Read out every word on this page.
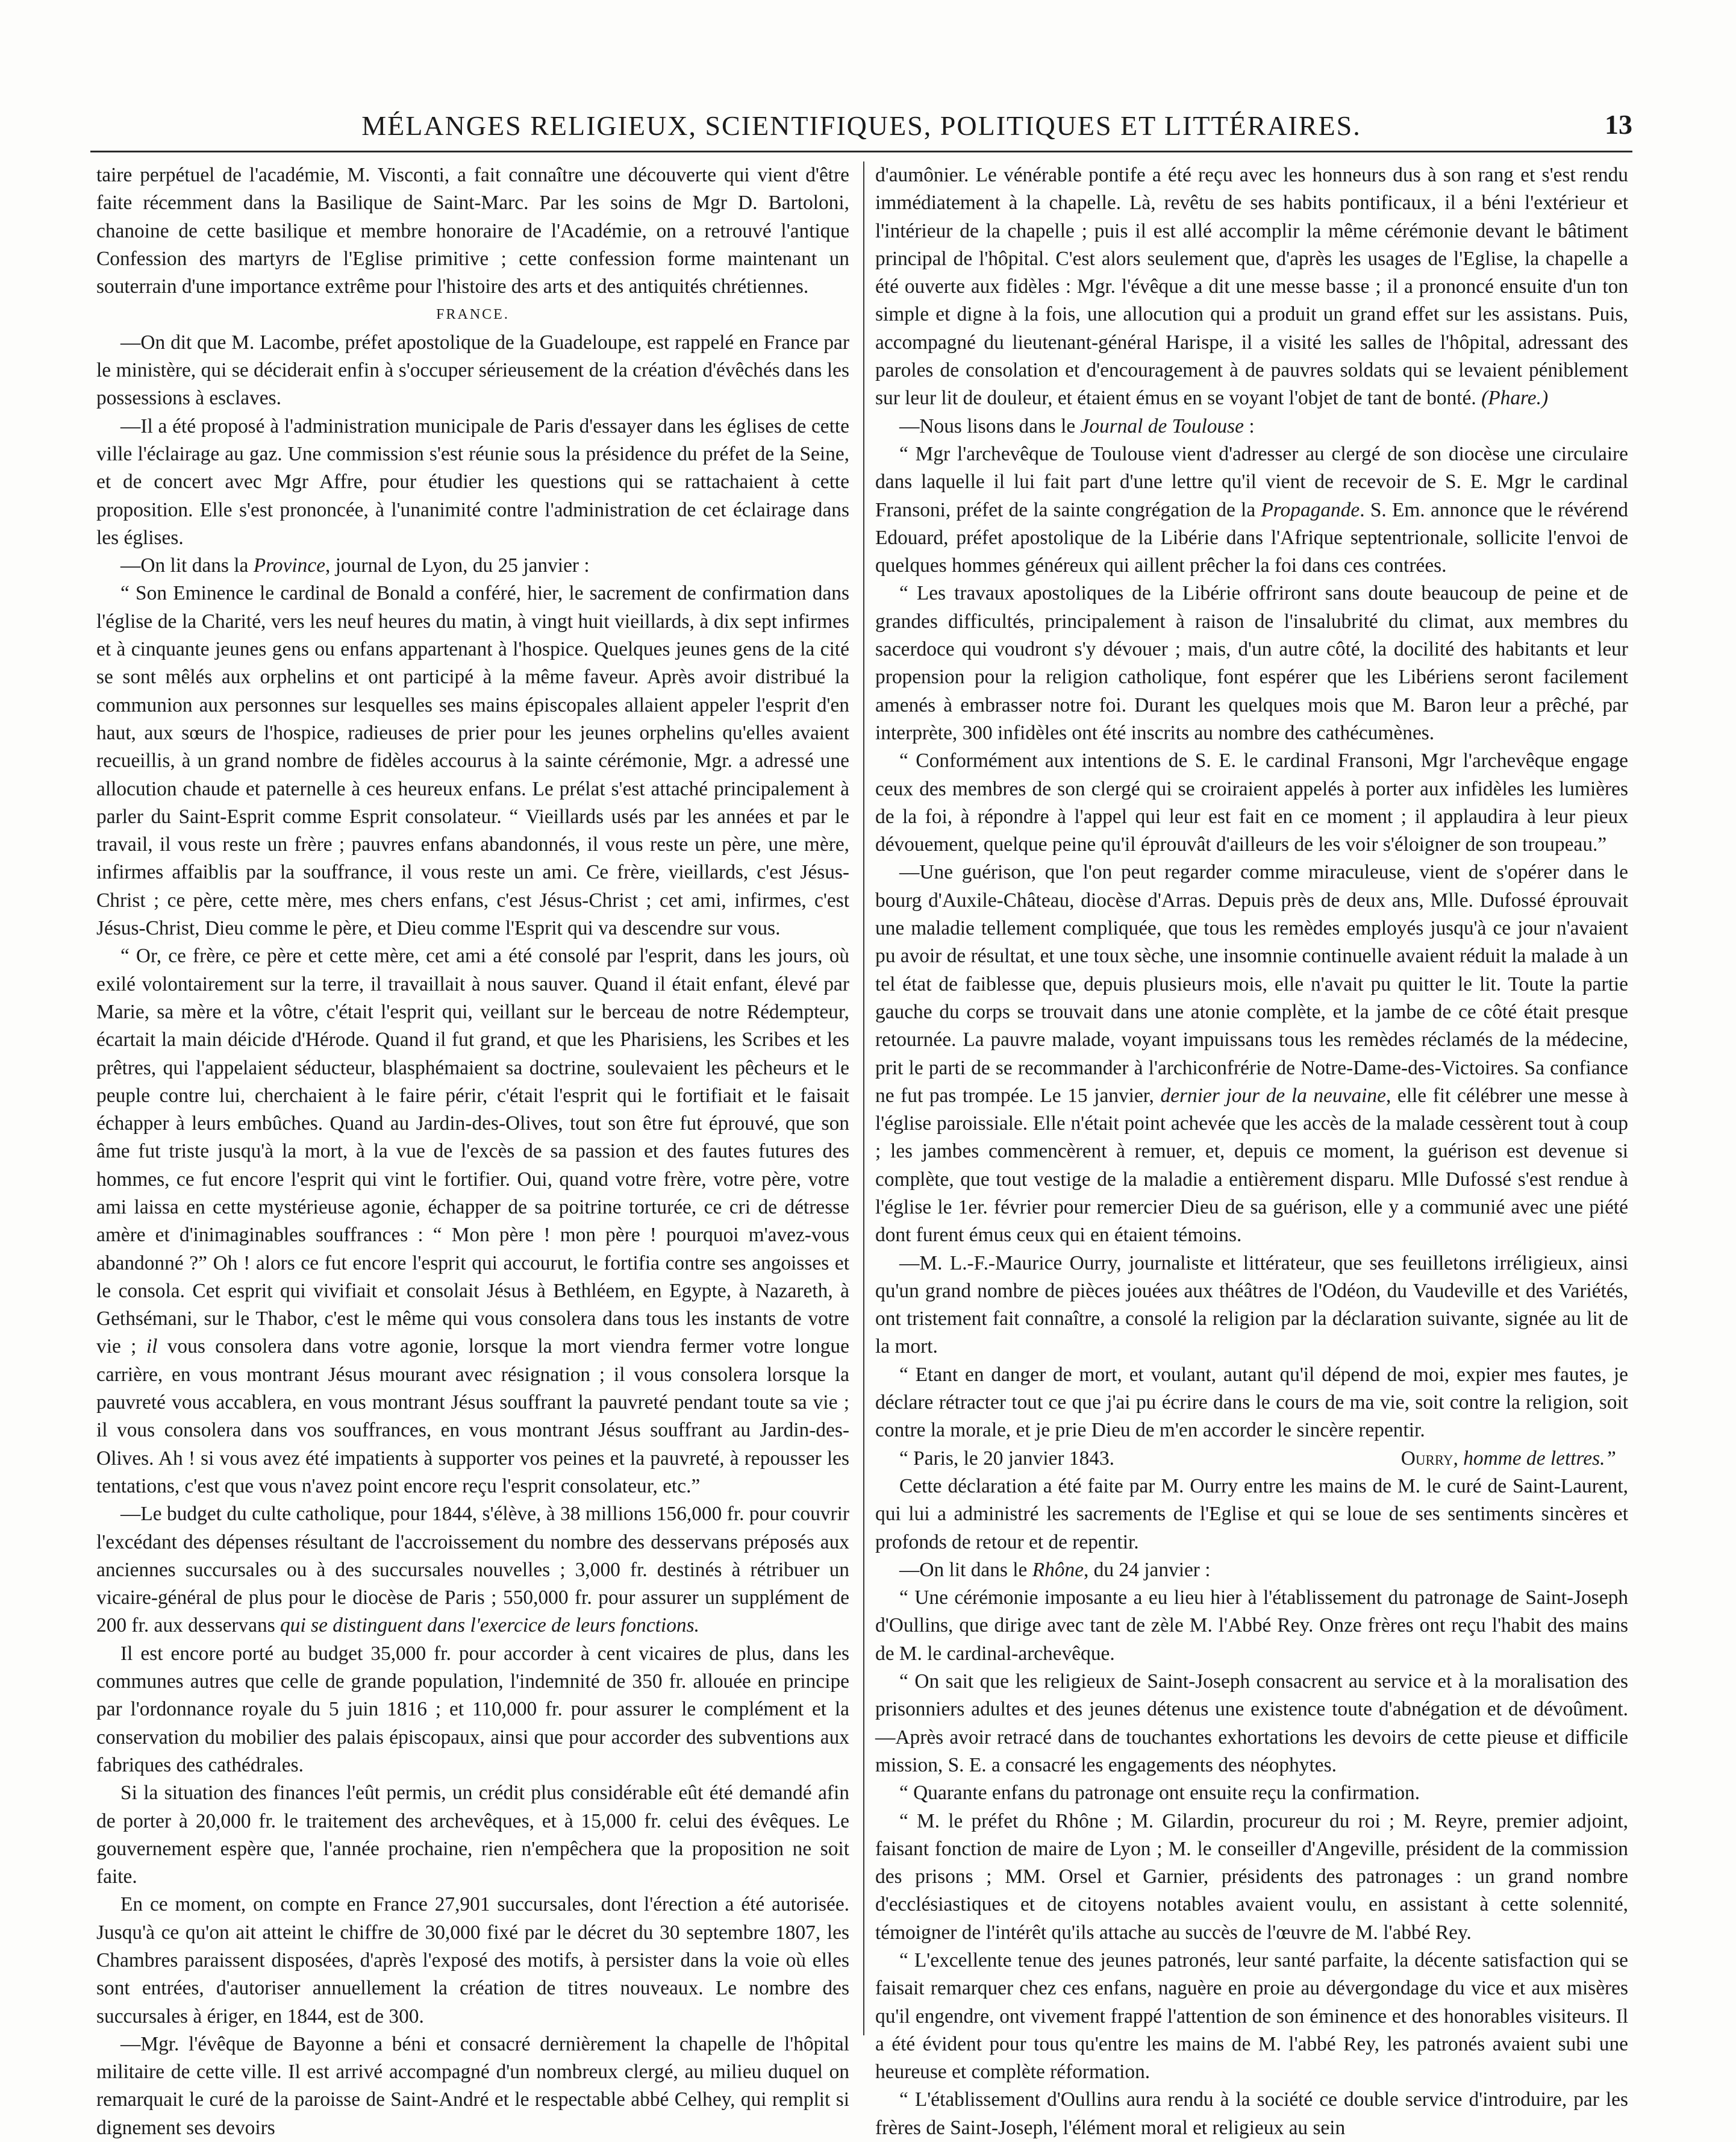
MÉLANGES RELIGIEUX, SCIENTIFIQUES, POLITIQUES ET LITTÉRAIRES.	13

taire perpétuel de l'académie, M. Visconti, a fait connaître une découverte qui vient d'être faite récemment dans la Basilique de Saint-Marc. Par les soins de Mgr D. Bartoloni, chanoine de cette basilique et membre honoraire de l'Académie, on a retrouvé l'antique Confession des martyrs de l'Eglise primitive ; cette confession forme maintenant un souterrain d'une importance extrême pour l'histoire des arts et des antiquités chrétiennes.

FRANCE.

—On dit que M. Lacombe, préfet apostolique de la Guadeloupe, est rappelé en France par le ministère, qui se déciderait enfin à s'occuper sérieusement de la création d'évêchés dans les possessions à esclaves.

—Il a été proposé à l'administration municipale de Paris d'essayer dans les églises de cette ville l'éclairage au gaz. Une commission s'est réunie sous la présidence du préfet de la Seine, et de concert avec Mgr Affre, pour étudier les questions qui se rattachaient à cette proposition. Elle s'est prononcée, à l'unanimité contre l'administration de cet éclairage dans les églises.

—On lit dans la Province, journal de Lyon, du 25 janvier :

“ Son Eminence le cardinal de Bonald a conféré, hier, le sacrement de confirmation dans l'église de la Charité, vers les neuf heures du matin, à vingt huit vieillards, à dix sept infirmes et à cinquante jeunes gens ou enfans appartenant à l'hospice. Quelques jeunes gens de la cité se sont mêlés aux orphelins et ont participé à la même faveur. Après avoir distribué la communion aux personnes sur lesquelles ses mains épiscopales allaient appeler l'esprit d'en haut, aux sœurs de l'hospice, radieuses de prier pour les jeunes orphelins qu'elles avaient recueillis, à un grand nombre de fidèles accourus à la sainte cérémonie, Mgr. a adressé une allocution chaude et paternelle à ces heureux enfans. Le prélat s'est attaché principalement à parler du Saint-Esprit comme Esprit consolateur. “ Vieillards usés par les années et par le travail, il vous reste un frère ; pauvres enfans abandonnés, il vous reste un père, une mère, infirmes affaiblis par la souffrance, il vous reste un ami. Ce frère, vieillards, c'est Jésus-Christ ; ce père, cette mère, mes chers enfans, c'est Jésus-Christ ; cet ami, infirmes, c'est Jésus-Christ, Dieu comme le père, et Dieu comme l'Esprit qui va descendre sur vous.

“ Or, ce frère, ce père et cette mère, cet ami a été consolé par l'esprit, dans les jours, où exilé volontairement sur la terre, il travaillait à nous sauver. Quand il était enfant, élevé par Marie, sa mère et la vôtre, c'était l'esprit qui, veillant sur le berceau de notre Rédempteur, écartait la main déicide d'Hérode. Quand il fut grand, et que les Pharisiens, les Scribes et les prêtres, qui l'appelaient séducteur, blasphémaient sa doctrine, soulevaient les pêcheurs et le peuple contre lui, cherchaient à le faire périr, c'était l'esprit qui le fortifiait et le faisait échapper à leurs embûches. Quand au Jardin-des-Olives, tout son être fut éprouvé, que son âme fut triste jusqu'à la mort, à la vue de l'excès de sa passion et des fautes futures des hommes, ce fut encore l'esprit qui vint le fortifier. Oui, quand votre frère, votre père, votre ami laissa en cette mystérieuse agonie, échapper de sa poitrine torturée, ce cri de détresse amère et d'inimaginables souffrances : “ Mon père ! mon père ! pourquoi m'avez-vous abandonné ?” Oh ! alors ce fut encore l'esprit qui accourut, le fortifia contre ses angoisses et le consola. Cet esprit qui vivifiait et consolait Jésus à Bethléem, en Egypte, à Nazareth, à Gethsémani, sur le Thabor, c'est le même qui vous consolera dans tous les instants de votre vie ; il vous consolera dans votre agonie, lorsque la mort viendra fermer votre longue carrière, en vous montrant Jésus mourant avec résignation ; il vous consolera lorsque la pauvreté vous accablera, en vous montrant Jésus souffrant la pauvreté pendant toute sa vie ; il vous consolera dans vos souffrances, en vous montrant Jésus souffrant au Jardin-des-Olives. Ah ! si vous avez été impatients à supporter vos peines et la pauvreté, à repousser les tentations, c'est que vous n'avez point encore reçu l'esprit consolateur, etc.”

—Le budget du culte catholique, pour 1844, s'élève, à 38 millions 156,000 fr. pour couvrir l'excédant des dépenses résultant de l'accroissement du nombre des desservans préposés aux anciennes succursales ou à des succursales nouvelles ; 3,000 fr. destinés à rétribuer un vicaire-général de plus pour le diocèse de Paris ; 550,000 fr. pour assurer un supplément de 200 fr. aux desservans qui se distinguent dans l'exercice de leurs fonctions.

Il est encore porté au budget 35,000 fr. pour accorder à cent vicaires de plus, dans les communes autres que celle de grande population, l'indemnité de 350 fr. allouée en principe par l'ordonnance royale du 5 juin 1816 ; et 110,000 fr. pour assurer le complément et la conservation du mobilier des palais épiscopaux, ainsi que pour accorder des subventions aux fabriques des cathédrales.

Si la situation des finances l'eût permis, un crédit plus considérable eût été demandé afin de porter à 20,000 fr. le traitement des archevêques, et à 15,000 fr. celui des évêques. Le gouvernement espère que, l'année prochaine, rien n'empêchera que la proposition ne soit faite.

En ce moment, on compte en France 27,901 succursales, dont l'érection a été autorisée. Jusqu'à ce qu'on ait atteint le chiffre de 30,000 fixé par le décret du 30 septembre 1807, les Chambres paraissent disposées, d'après l'exposé des motifs, à persister dans la voie où elles sont entrées, d'autoriser annuellement la création de titres nouveaux. Le nombre des succursales à ériger, en 1844, est de 300.

—Mgr. l'évêque de Bayonne a béni et consacré dernièrement la chapelle de l'hôpital militaire de cette ville. Il est arrivé accompagné d'un nombreux clergé, au milieu duquel on remarquait le curé de la paroisse de Saint-André et le respectable abbé Celhey, qui remplit si dignement ses devoirs

d'aumônier. Le vénérable pontife a été reçu avec les honneurs dus à son rang et s'est rendu immédiatement à la chapelle. Là, revêtu de ses habits pontificaux, il a béni l'extérieur et l'intérieur de la chapelle ; puis il est allé accomplir la même cérémonie devant le bâtiment principal de l'hôpital. C'est alors seulement que, d'après les usages de l'Eglise, la chapelle a été ouverte aux fidèles : Mgr. l'évêque a dit une messe basse ; il a prononcé ensuite d'un ton simple et digne à la fois, une allocution qui a produit un grand effet sur les assistans. Puis, accompagné du lieutenant-général Harispe, il a visité les salles de l'hôpital, adressant des paroles de consolation et d'encouragement à de pauvres soldats qui se levaient péniblement sur leur lit de douleur, et étaient émus en se voyant l'objet de tant de bonté. (Phare.)

—Nous lisons dans le Journal de Toulouse :

“ Mgr l'archevêque de Toulouse vient d'adresser au clergé de son diocèse une circulaire dans laquelle il lui fait part d'une lettre qu'il vient de recevoir de S. E. Mgr le cardinal Fransoni, préfet de la sainte congrégation de la Propagande. S. Em. annonce que le révérend Edouard, préfet apostolique de la Libérie dans l'Afrique septentrionale, sollicite l'envoi de quelques hommes généreux qui aillent prêcher la foi dans ces contrées.

“ Les travaux apostoliques de la Libérie offriront sans doute beaucoup de peine et de grandes difficultés, principalement à raison de l'insalubrité du climat, aux membres du sacerdoce qui voudront s'y dévouer ; mais, d'un autre côté, la docilité des habitants et leur propension pour la religion catholique, font espérer que les Libériens seront facilement amenés à embrasser notre foi. Durant les quelques mois que M. Baron leur a prêché, par interprète, 300 infidèles ont été inscrits au nombre des cathécumènes.

“ Conformément aux intentions de S. E. le cardinal Fransoni, Mgr l'archevêque engage ceux des membres de son clergé qui se croiraient appelés à porter aux infidèles les lumières de la foi, à répondre à l'appel qui leur est fait en ce moment ; il applaudira à leur pieux dévouement, quelque peine qu'il éprouvât d'ailleurs de les voir s'éloigner de son troupeau.”

—Une guérison, que l'on peut regarder comme miraculeuse, vient de s'opérer dans le bourg d'Auxile-Château, diocèse d'Arras. Depuis près de deux ans, Mlle. Dufossé éprouvait une maladie tellement compliquée, que tous les remèdes employés jusqu'à ce jour n'avaient pu avoir de résultat, et une toux sèche, une insomnie continuelle avaient réduit la malade à un tel état de faiblesse que, depuis plusieurs mois, elle n'avait pu quitter le lit. Toute la partie gauche du corps se trouvait dans une atonie complète, et la jambe de ce côté était presque retournée. La pauvre malade, voyant impuissans tous les remèdes réclamés de la médecine, prit le parti de se recommander à l'archiconfrérie de Notre-Dame-des-Victoires. Sa confiance ne fut pas trompée. Le 15 janvier, dernier jour de la neuvaine, elle fit célébrer une messe à l'église paroissiale. Elle n'était point achevée que les accès de la malade cessèrent tout à coup ; les jambes commencèrent à remuer, et, depuis ce moment, la guérison est devenue si complète, que tout vestige de la maladie a entièrement disparu. Mlle Dufossé s'est rendue à l'église le 1er. février pour remercier Dieu de sa guérison, elle y a communié avec une piété dont furent émus ceux qui en étaient témoins.

—M. L.-F.-Maurice Ourry, journaliste et littérateur, que ses feuilletons irréligieux, ainsi qu'un grand nombre de pièces jouées aux théâtres de l'Odéon, du Vaudeville et des Variétés, ont tristement fait connaître, a consolé la religion par la déclaration suivante, signée au lit de la mort.

“ Etant en danger de mort, et voulant, autant qu'il dépend de moi, expier mes fautes, je déclare rétracter tout ce que j'ai pu écrire dans le cours de ma vie, soit contre la religion, soit contre la morale, et je prie Dieu de m'en accorder le sincère repentir.

“ Paris, le 20 janvier 1843.	Ourry, homme de lettres.”

Cette déclaration a été faite par M. Ourry entre les mains de M. le curé de Saint-Laurent, qui lui a administré les sacrements de l'Eglise et qui se loue de ses sentiments sincères et profonds de retour et de repentir.

—On lit dans le Rhône, du 24 janvier :

“ Une cérémonie imposante a eu lieu hier à l'établissement du patronage de Saint-Joseph d'Oullins, que dirige avec tant de zèle M. l'Abbé Rey. Onze frères ont reçu l'habit des mains de M. le cardinal-archevêque.

“ On sait que les religieux de Saint-Joseph consacrent au service et à la moralisation des prisonniers adultes et des jeunes détenus une existence toute d'abnégation et de dévoûment.—Après avoir retracé dans de touchantes exhortations les devoirs de cette pieuse et difficile mission, S. E. a consacré les engagements des néophytes.

“ Quarante enfans du patronage ont ensuite reçu la confirmation.

“ M. le préfet du Rhône ; M. Gilardin, procureur du roi ; M. Reyre, premier adjoint, faisant fonction de maire de Lyon ; M. le conseiller d'Angeville, président de la commission des prisons ; MM. Orsel et Garnier, présidents des patronages : un grand nombre d'ecclésiastiques et de citoyens notables avaient voulu, en assistant à cette solennité, témoigner de l'intérêt qu'ils attache au succès de l'œuvre de M. l'abbé Rey.

“ L'excellente tenue des jeunes patronés, leur santé parfaite, la décente satisfaction qui se faisait remarquer chez ces enfans, naguère en proie au dévergondage du vice et aux misères qu'il engendre, ont vivement frappé l'attention de son éminence et des honorables visiteurs. Il a été évident pour tous qu'entre les mains de M. l'abbé Rey, les patronés avaient subi une heureuse et complète réformation.

“ L'établissement d'Oullins aura rendu à la société ce double service d'introduire, par les frères de Saint-Joseph, l'élément moral et religieux au sein
